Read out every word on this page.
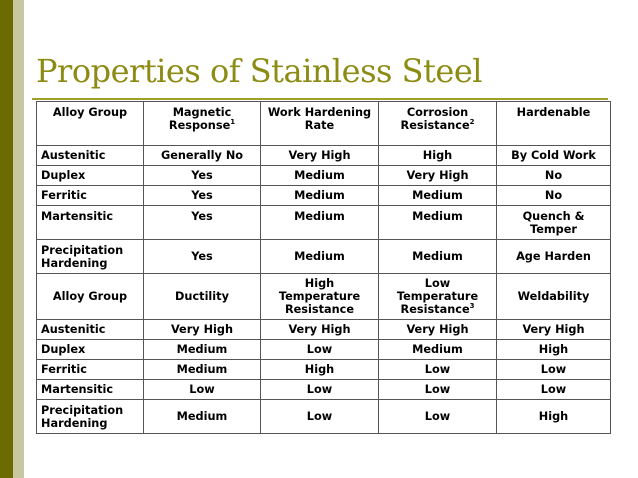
Properties of Stainless Steel
Alloy Group	Magnetic Response$^1$	Work Hardening Rate	Corrosion Resistance$^2$	Hardenable
Austenitic	Generally No	Very High	High	By Cold Work
Duplex	Yes	Medium	Very High	No
Ferritic	Yes	Medium	Medium	No
Martensitic	Yes	Medium	Medium	Quench & Temper
Precipitation Hardening	Yes	Medium	Medium	Age Harden
Alloy Group	Ductility	High Temperature Resistance	Low Temperature Resistance$^3$	Weldability
Austenitic	Very High	Very High	Very High	Very High
Duplex	Medium	Low	Medium	High
Ferritic	Medium	High	Low	Low
Martensitic	Low	Low	Low	Low
Precipitation Hardening	Medium	Low	Low	High
